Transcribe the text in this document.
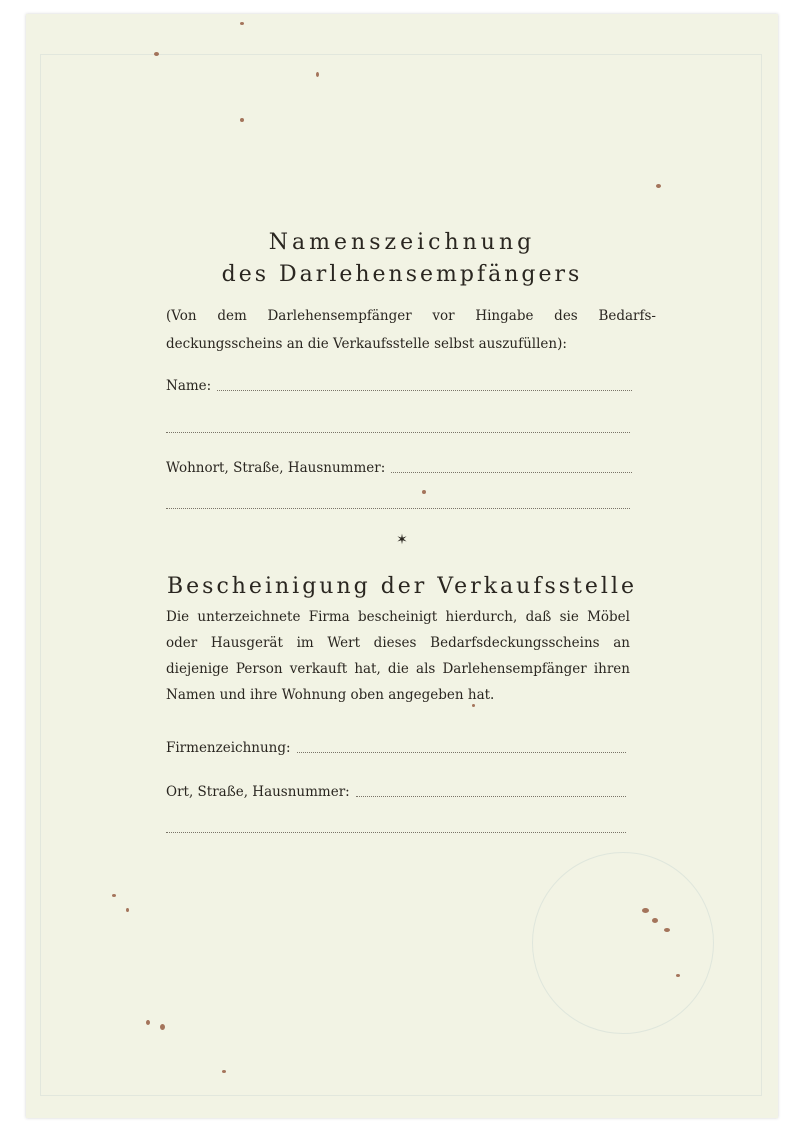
Namenszeichnung
des Darlehensempfängers
(Von dem Darlehensempfänger vor Hingabe des Bedarfs-deckungsscheins an die Verkaufsstelle selbst auszufüllen):
Name:
Wohnort, Straße, Hausnummer:
✶
Bescheinigung der Verkaufsstelle

Die unterzeichnete Firma bescheinigt hierdurch, daß sie Möbel oder Hausgerät im Wert dieses Bedarfsdeckungsscheins an diejenige Person verkauft hat, die als Darlehensempfänger ihren Namen und ihre Wohnung oben angegeben hat.

Firmenzeichnung:
Ort, Straße, Hausnummer:
